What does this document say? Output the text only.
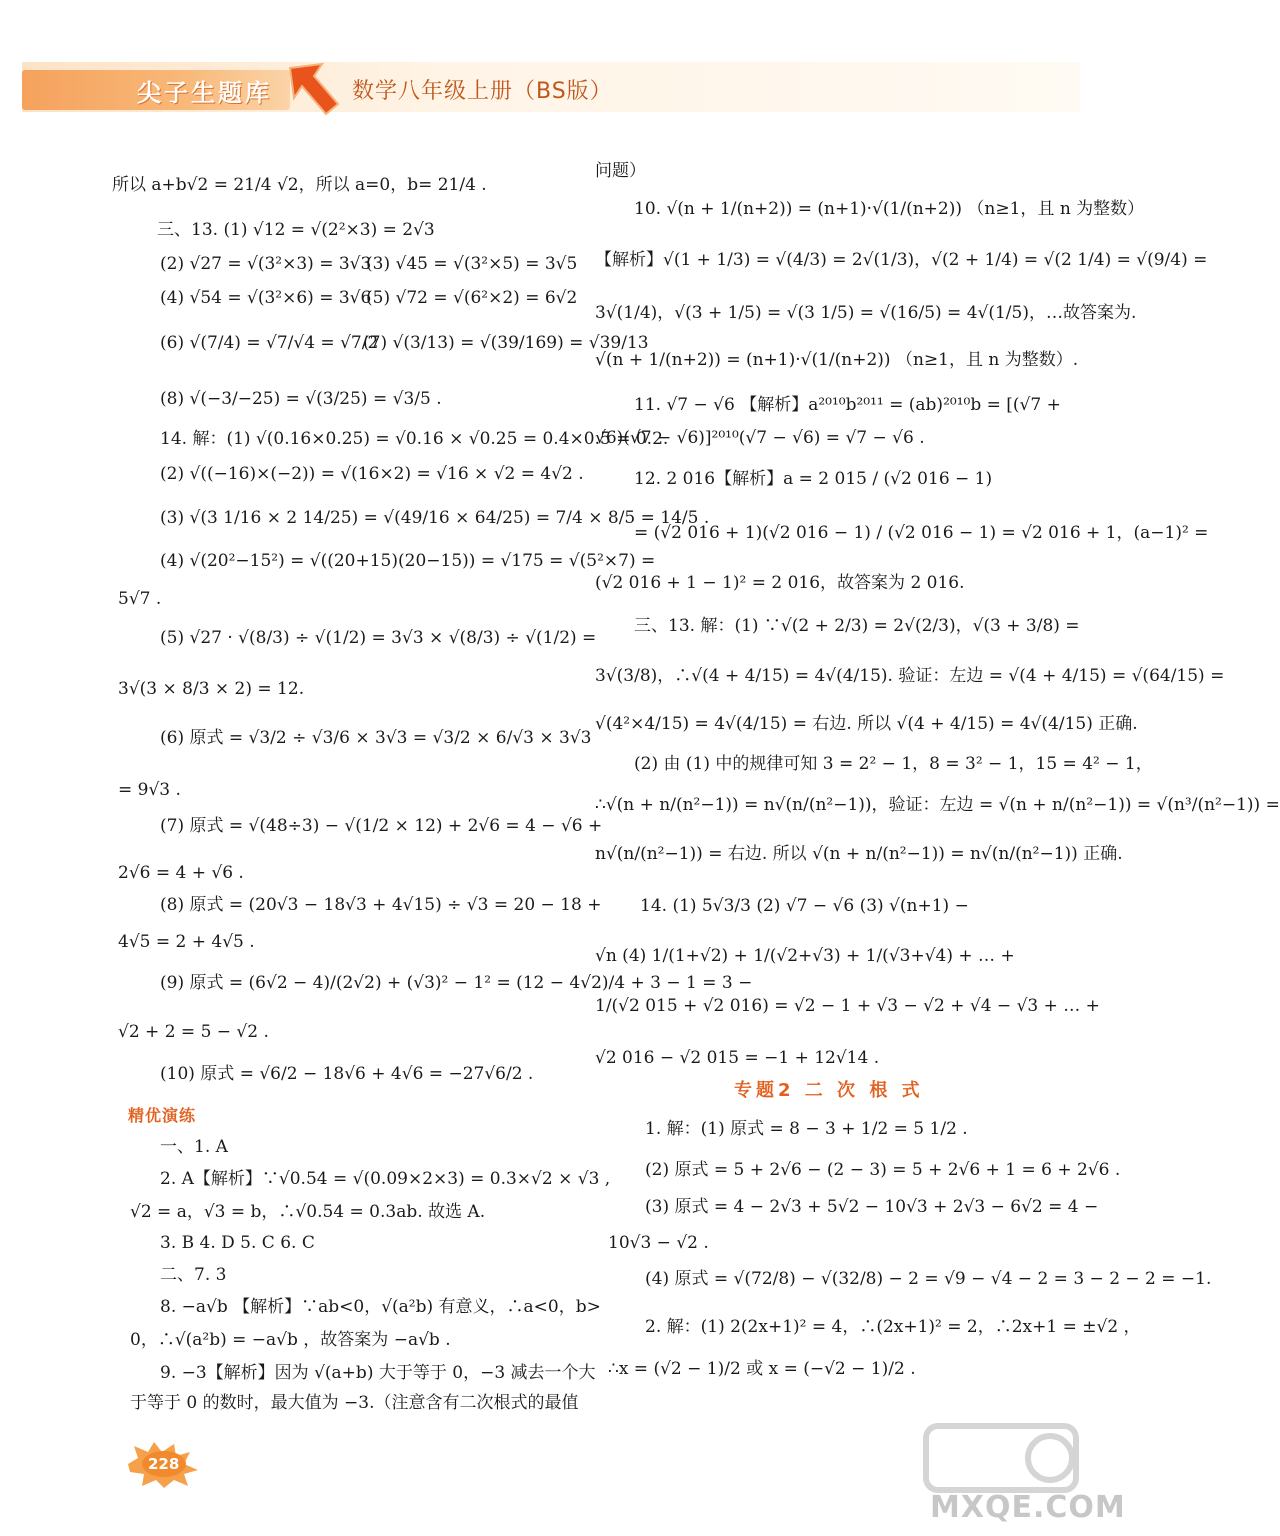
尖子生题库	数学八年级上册（BS版）
所以 a+b√2 = 21/4 √2，所以 a=0，b= 21/4 .
三、13. (1) √12 = √(2²×3) = 2√3
(2) √27 = √(3²×3) = 3√3
(3) √45 = √(3²×5) = 3√5
(4) √54 = √(3²×6) = 3√6
(5) √72 = √(6²×2) = 6√2
(6) √(7/4) = √7/√4 = √7/2
(7) √(3/13) = √(39/169) = √39/13
(8) √(−3/−25) = √(3/25) = √3/5 .
14. 解：(1) √(0.16×0.25) = √0.16 × √0.25 = 0.4×0.5 = 0.2.
(2) √((−16)×(−2)) = √(16×2) = √16 × √2 = 4√2 .
(3) √(3 1/16 × 2 14/25) = √(49/16 × 64/25) = 7/4 × 8/5 = 14/5 .
(4) √(20²−15²) = √((20+15)(20−15)) = √175 = √(5²×7) =
5√7 .
(5) √27 · √(8/3) ÷ √(1/2) = 3√3 × √(8/3) ÷ √(1/2) =
3√(3 × 8/3 × 2) = 12.
(6) 原式 = √3/2 ÷ √3/6 × 3√3 = √3/2 × 6/√3 × 3√3
= 9√3 .
(7) 原式 = √(48÷3) − √(1/2 × 12) + 2√6 = 4 − √6 +
2√6 = 4 + √6 .
(8) 原式 = (20√3 − 18√3 + 4√15) ÷ √3 = 20 − 18 +
4√5 = 2 + 4√5 .
(9) 原式 = (6√2 − 4)/(2√2) + (√3)² − 1² = (12 − 4√2)/4 + 3 − 1 = 3 −
√2 + 2 = 5 − √2 .
(10) 原式 = √6/2 − 18√6 + 4√6 = −27√6/2 .
精优演练
一、1. A
2. A【解析】∵√0.54 = √(0.09×2×3) = 0.3×√2 × √3 ,
√2 = a，√3 = b，∴√0.54 = 0.3ab. 故选 A.
3. B 4. D 5. C 6. C
二、7. 3
8. −a√b 【解析】∵ab<0，√(a²b) 有意义，∴a<0，b>
0，∴√(a²b) = −a√b ，故答案为 −a√b .
9. −3【解析】因为 √(a+b) 大于等于 0，−3 减去一个大
于等于 0 的数时，最大值为 −3.（注意含有二次根式的最值
问题）
10. √(n + 1/(n+2)) = (n+1)·√(1/(n+2)) （n≥1，且 n 为整数）
【解析】√(1 + 1/3) = √(4/3) = 2√(1/3)，√(2 + 1/4) = √(2 1/4) = √(9/4) =
3√(1/4)，√(3 + 1/5) = √(3 1/5) = √(16/5) = 4√(1/5)，…故答案为.
√(n + 1/(n+2)) = (n+1)·√(1/(n+2)) （n≥1，且 n 为整数）.
11. √7 − √6 【解析】a²⁰¹⁰b²⁰¹¹ = (ab)²⁰¹⁰b = [(√7 +
√6)(√7 − √6)]²⁰¹⁰(√7 − √6) = √7 − √6 .
12. 2 016【解析】a = 2 015 / (√2 016 − 1)
= (√2 016 + 1)(√2 016 − 1) / (√2 016 − 1) = √2 016 + 1，(a−1)² =
(√2 016 + 1 − 1)² = 2 016，故答案为 2 016.
三、13. 解：(1) ∵√(2 + 2/3) = 2√(2/3)，√(3 + 3/8) =
3√(3/8)，∴√(4 + 4/15) = 4√(4/15). 验证：左边 = √(4 + 4/15) = √(64/15) =
√(4²×4/15) = 4√(4/15) = 右边. 所以 √(4 + 4/15) = 4√(4/15) 正确.
(2) 由 (1) 中的规律可知 3 = 2² − 1，8 = 3² − 1，15 = 4² − 1，
∴√(n + n/(n²−1)) = n√(n/(n²−1))，验证：左边 = √(n + n/(n²−1)) = √(n³/(n²−1)) =
n√(n/(n²−1)) = 右边. 所以 √(n + n/(n²−1)) = n√(n/(n²−1)) 正确.
14. (1) 5√3/3 (2) √7 − √6 (3) √(n+1) −
√n (4) 1/(1+√2) + 1/(√2+√3) + 1/(√3+√4) + … +
1/(√2 015 + √2 016) = √2 − 1 + √3 − √2 + √4 − √3 + … +
√2 016 − √2 015 = −1 + 12√14 .
专题2 二 次 根 式
1. 解：(1) 原式 = 8 − 3 + 1/2 = 5 1/2 .
(2) 原式 = 5 + 2√6 − (2 − 3) = 5 + 2√6 + 1 = 6 + 2√6 .
(3) 原式 = 4 − 2√3 + 5√2 − 10√3 + 2√3 − 6√2 = 4 −
10√3 − √2 .
(4) 原式 = √(72/8) − √(32/8) − 2 = √9 − √4 − 2 = 3 − 2 − 2 = −1.
2. 解：(1) 2(2x+1)² = 4，∴(2x+1)² = 2，∴2x+1 = ±√2 ，
∴x = (√2 − 1)/2 或 x = (−√2 − 1)/2 .
228
MXQE.COM
